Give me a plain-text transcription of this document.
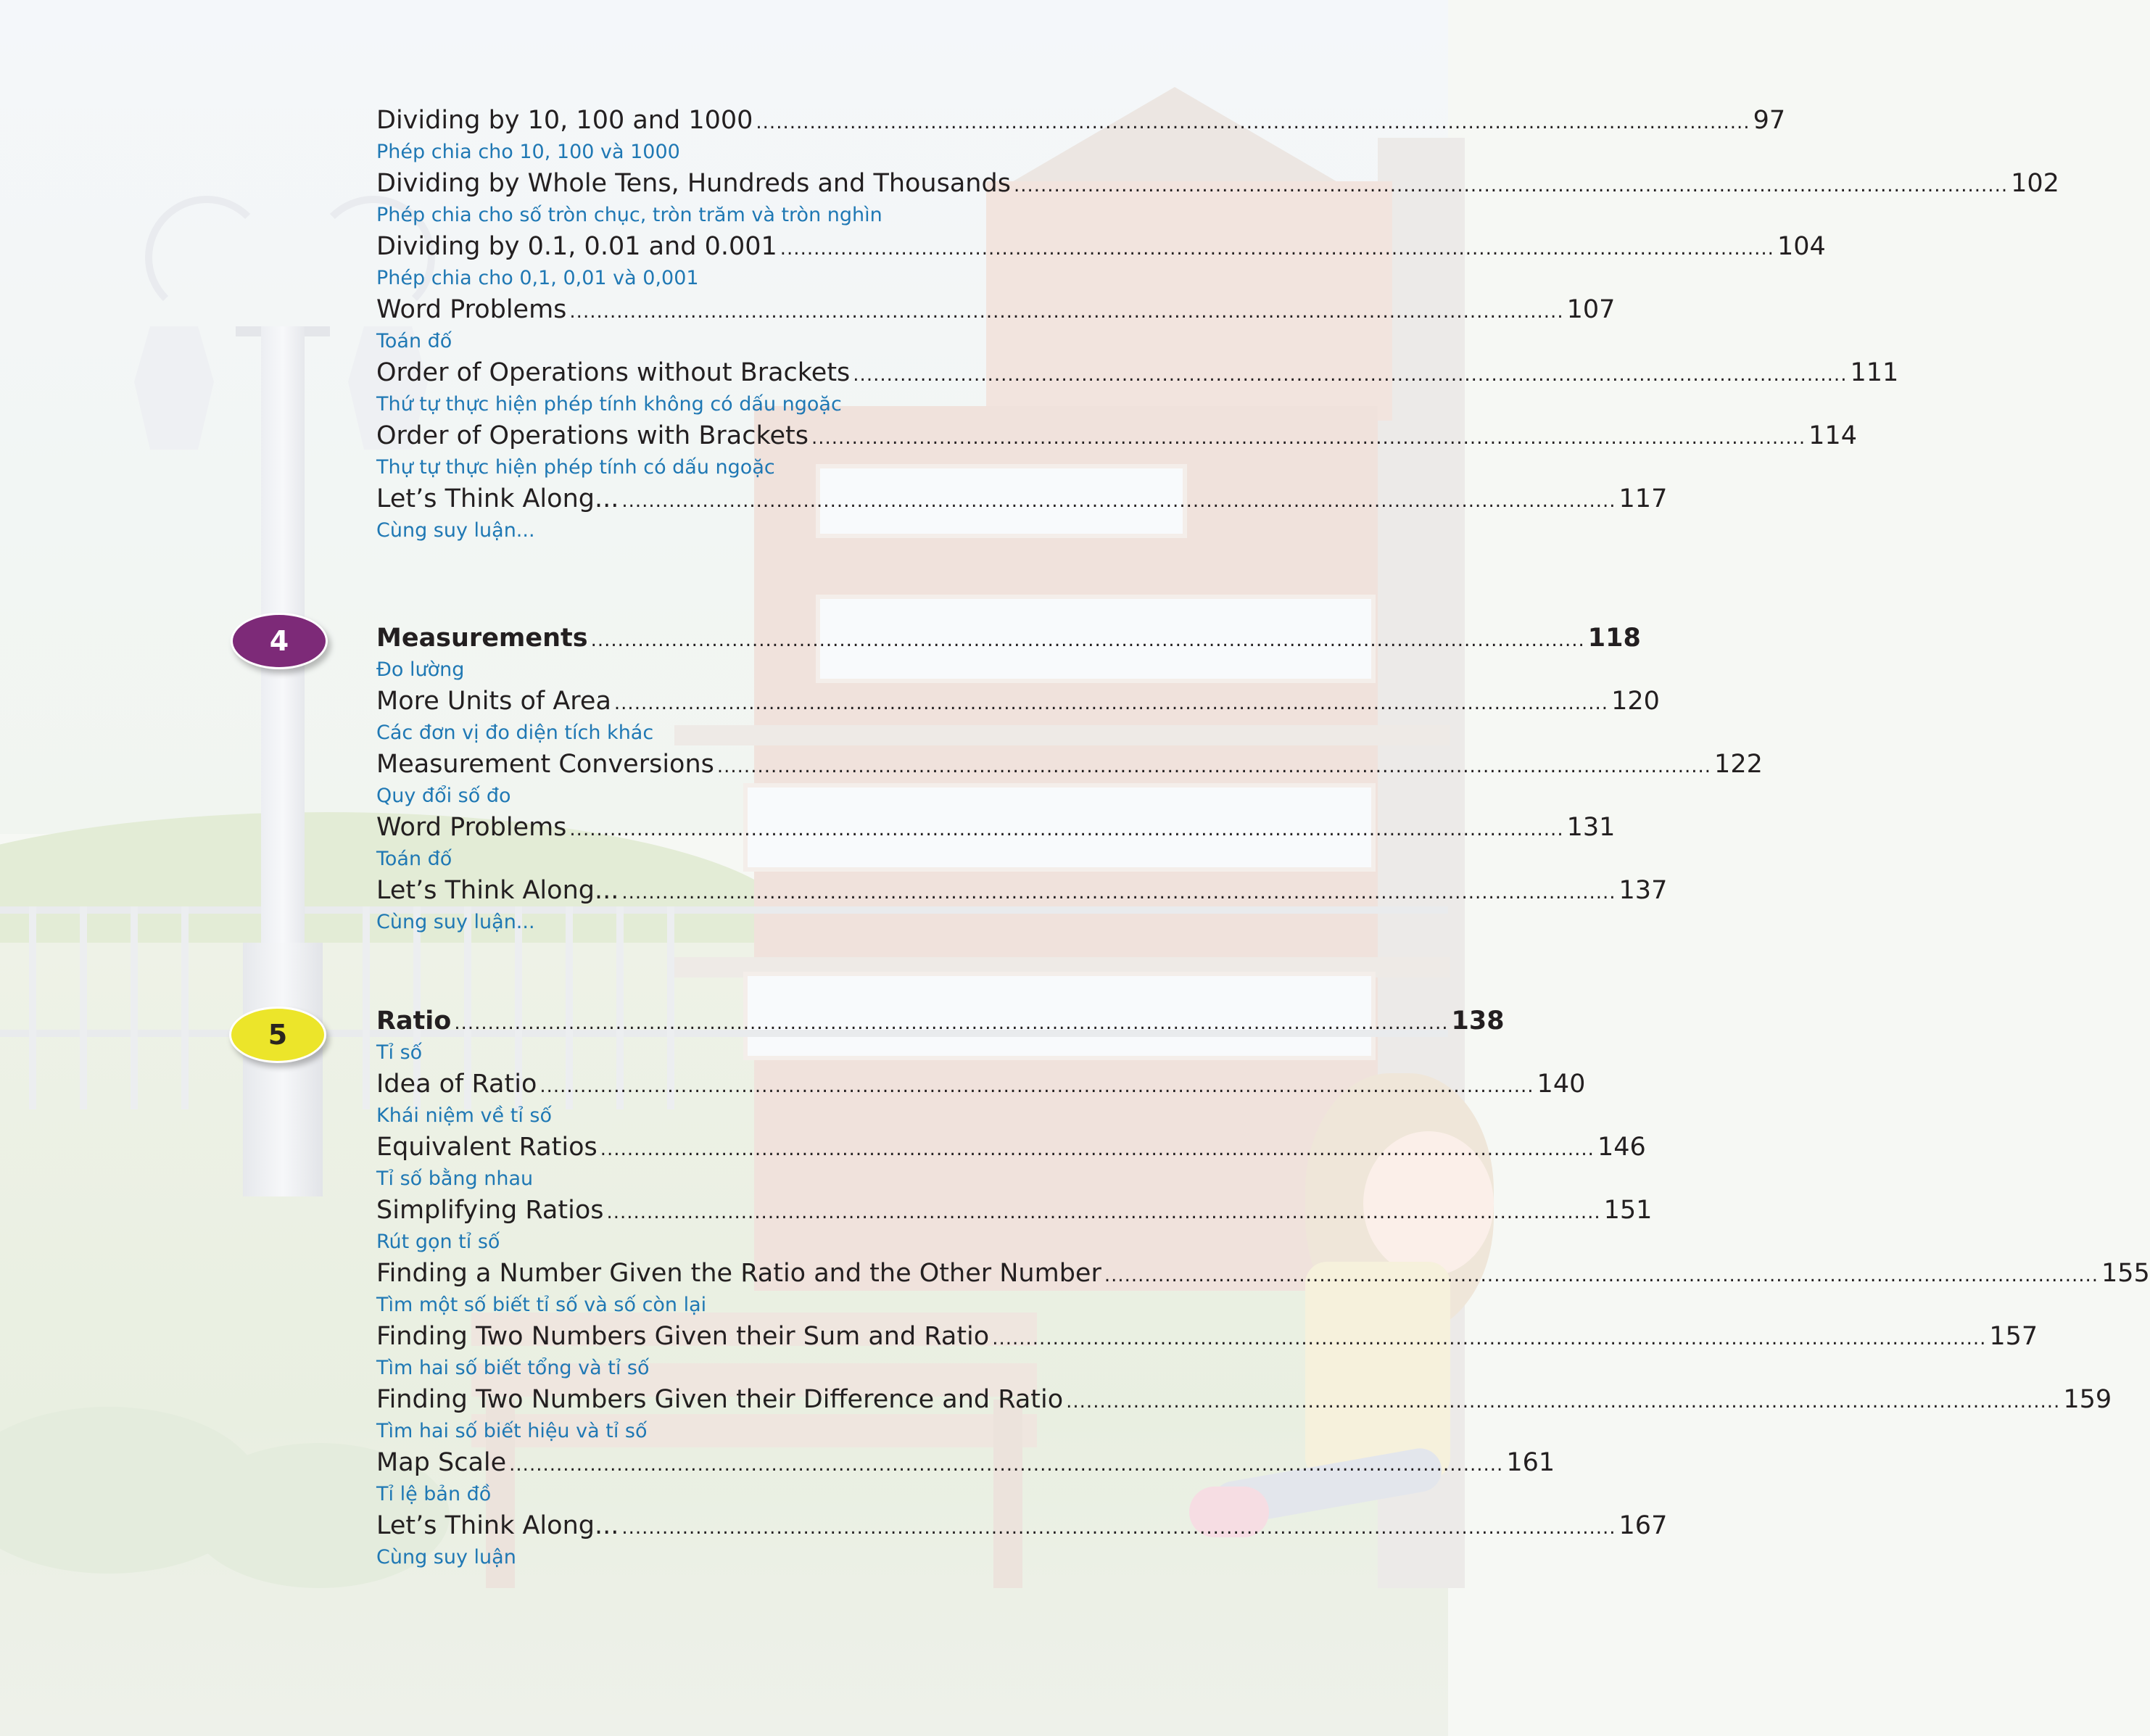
Dividing by 10, 100 and 1000 .................................................................................................................................................... 97
Phép chia cho 10, 100 và 1000
Dividing by Whole Tens, Hundreds and Thousands .................................................................................................................................................... 102
Phép chia cho số tròn chục, tròn trăm và tròn nghìn
Dividing by 0.1, 0.01 and 0.001 .................................................................................................................................................... 104
Phép chia cho 0,1, 0,01 và 0,001
Word Problems .................................................................................................................................................... 107
Toán đố
Order of Operations without Brackets .................................................................................................................................................... 111
Thứ tự thực hiện phép tính không có dấu ngoặc
Order of Operations with Brackets .................................................................................................................................................... 114
Thự tự thực hiện phép tính có dấu ngoặc
Let’s Think Along... .................................................................................................................................................... 117
Cùng suy luận...
4	Measurements .................................................................................................................................................... 118
Đo lường
More Units of Area .................................................................................................................................................... 120
Các đơn vị đo diện tích khác
Measurement Conversions .................................................................................................................................................... 122
Quy đổi số đo
Word Problems .................................................................................................................................................... 131
Toán đố
Let’s Think Along... .................................................................................................................................................... 137
Cùng suy luận...
5	Ratio .................................................................................................................................................... 138
Tỉ số
Idea of Ratio .................................................................................................................................................... 140
Khái niệm về tỉ số
Equivalent Ratios .................................................................................................................................................... 146
Tỉ số bằng nhau
Simplifying Ratios .................................................................................................................................................... 151
Rút gọn tỉ số
Finding a Number Given the Ratio and the Other Number .................................................................................................................................................... 155
Tìm một số biết tỉ số và số còn lại
Finding Two Numbers Given their Sum and Ratio .................................................................................................................................................... 157
Tìm hai số biết tổng và tỉ số
Finding Two Numbers Given their Difference and Ratio .................................................................................................................................................... 159
Tìm hai số biết hiệu và tỉ số
Map Scale .................................................................................................................................................... 161
Tỉ lệ bản đồ
Let’s Think Along... .................................................................................................................................................... 167
Cùng suy luận
